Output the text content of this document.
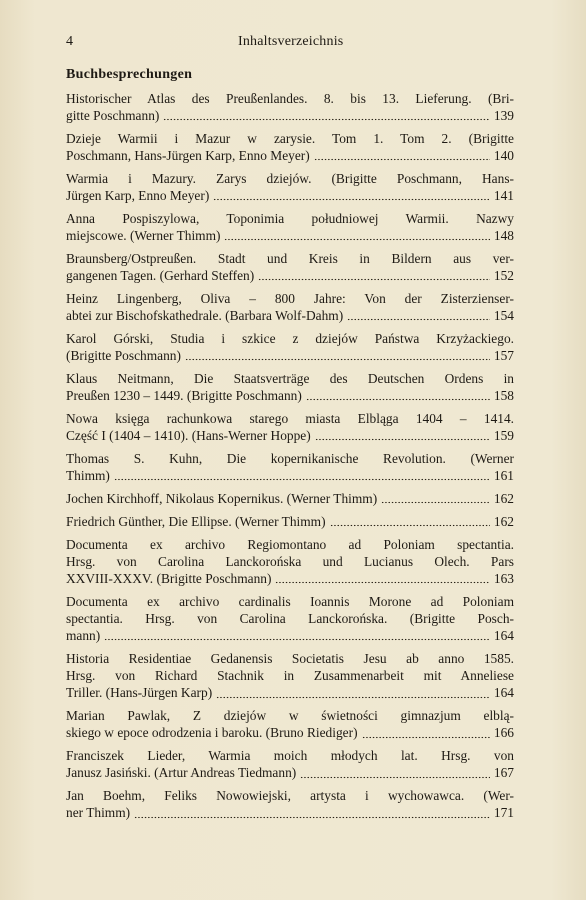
4	Inhaltsverzeichnis
Buchbesprechungen
Historischer Atlas des Preußenlandes. 8. bis 13. Lieferung. (Bri-
gitte Poschmann)	139
Dzieje Warmii i Mazur w zarysie. Tom 1. Tom 2. (Brigitte
Poschmann, Hans-Jürgen Karp, Enno Meyer)	140
Warmia i Mazury. Zarys dziejów. (Brigitte Poschmann, Hans-
Jürgen Karp, Enno Meyer)	141
Anna Pospiszylowa, Toponimia południowej Warmii. Nazwy
miejscowe. (Werner Thimm)	148
Braunsberg/Ostpreußen. Stadt und Kreis in Bildern aus ver-
gangenen Tagen. (Gerhard Steffen)	152
Heinz Lingenberg, Oliva – 800 Jahre: Von der Zisterzienser-
abtei zur Bischofskathedrale. (Barbara Wolf-Dahm)	154
Karol Górski, Studia i szkice z dziejów Państwa Krzyżackiego.
(Brigitte Poschmann)	157
Klaus Neitmann, Die Staatsverträge des Deutschen Ordens in
Preußen 1230 – 1449. (Brigitte Poschmann)	158
Nowa księga rachunkowa starego miasta Elbląga 1404 – 1414.
Część I (1404 – 1410). (Hans-Werner Hoppe)	159
Thomas S. Kuhn, Die kopernikanische Revolution. (Werner
Thimm)	161
Jochen Kirchhoff, Nikolaus Kopernikus. (Werner Thimm)	162
Friedrich Günther, Die Ellipse. (Werner Thimm)	162
Documenta ex archivo Regiomontano ad Poloniam spectantia.
Hrsg. von Carolina Lanckorońska und Lucianus Olech. Pars
XXVIII-XXXV. (Brigitte Poschmann)	163
Documenta ex archivo cardinalis Ioannis Morone ad Poloniam
spectantia. Hrsg. von Carolina Lanckorońska. (Brigitte Posch-
mann)	164
Historia Residentiae Gedanensis Societatis Jesu ab anno 1585.
Hrsg. von Richard Stachnik in Zusammenarbeit mit Anneliese
Triller. (Hans-Jürgen Karp)	164
Marian Pawlak, Z dziejów w świetności gimnazjum elblą-
skiego w epoce odrodzenia i baroku. (Bruno Riediger)	166
Franciszek Lieder, Warmia moich młodych lat. Hrsg. von
Janusz Jasiński. (Artur Andreas Tiedmann)	167
Jan Boehm, Feliks Nowowiejski, artysta i wychowawca. (Wer-
ner Thimm)	171
